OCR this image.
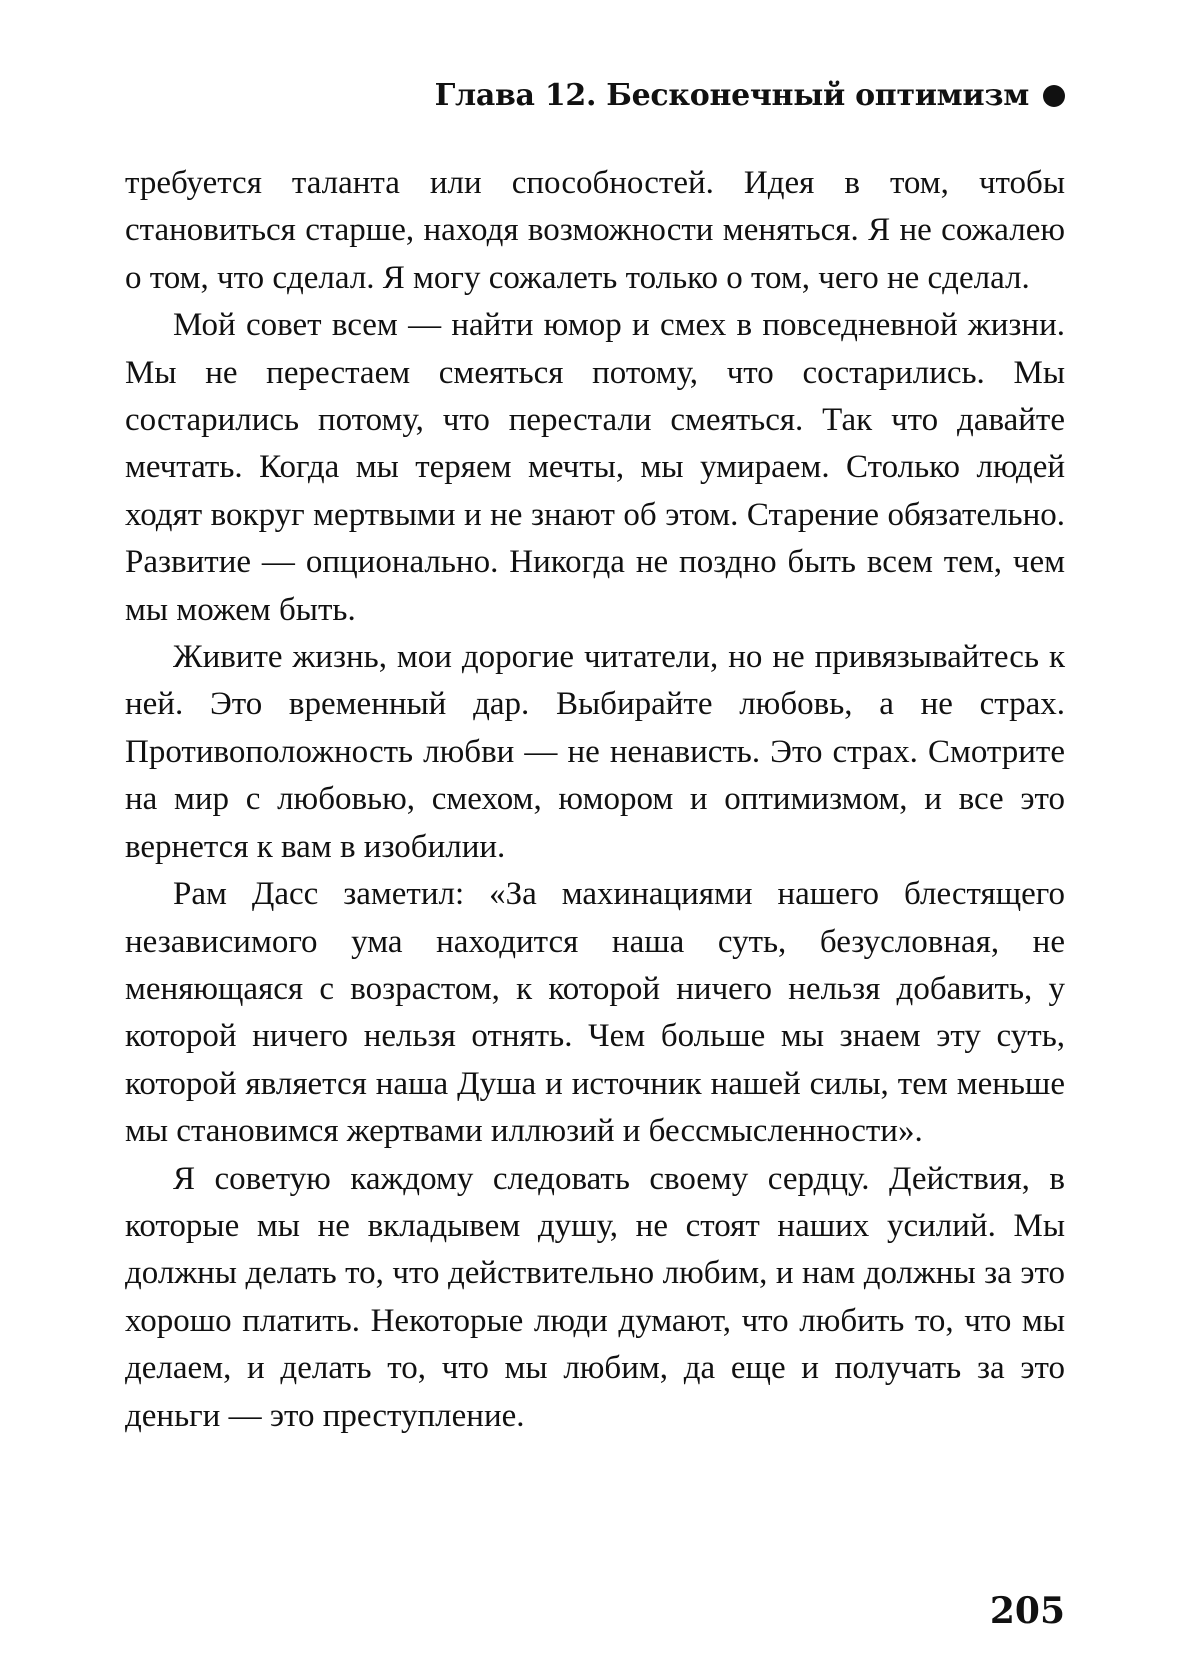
Глава 12. Бесконечный оптимизм

требуется таланта или способностей. Идея в том, чтобы становиться старше, находя возможности меняться. Я не сожалею о том, что сделал. Я могу сожалеть только о том, чего не сделал.

Мой совет всем — найти юмор и смех в повседневной жизни. Мы не перестаем смеяться потому, что состарились. Мы состарились потому, что перестали смеяться. Так что давайте мечтать. Когда мы теряем мечты, мы умираем. Столько людей ходят вокруг мертвыми и не знают об этом. Старение обязательно. Развитие — опционально. Никогда не поздно быть всем тем, чем мы можем быть.

Живите жизнь, мои дорогие читатели, но не привязывайтесь к ней. Это временный дар. Выбирайте любовь, а не страх. Противоположность любви — не ненависть. Это страх. Смотрите на мир с любовью, смехом, юмором и оптимизмом, и все это вернется к вам в изобилии.

Рам Дасс заметил: «За махинациями нашего блестящего независимого ума находится наша суть, безусловная, не меняющаяся с возрастом, к которой ничего нельзя добавить, у которой ничего нельзя отнять. Чем больше мы знаем эту суть, которой является наша Душа и источник нашей силы, тем меньше мы становимся жертвами иллюзий и бессмысленности».

Я советую каждому следовать своему сердцу. Действия, в которые мы не вкладывем душу, не стоят наших усилий. Мы должны делать то, что действительно любим, и нам должны за это хорошо платить. Некоторые люди думают, что любить то, что мы делаем, и делать то, что мы любим, да еще и получать за это деньги — это преступление.

205
